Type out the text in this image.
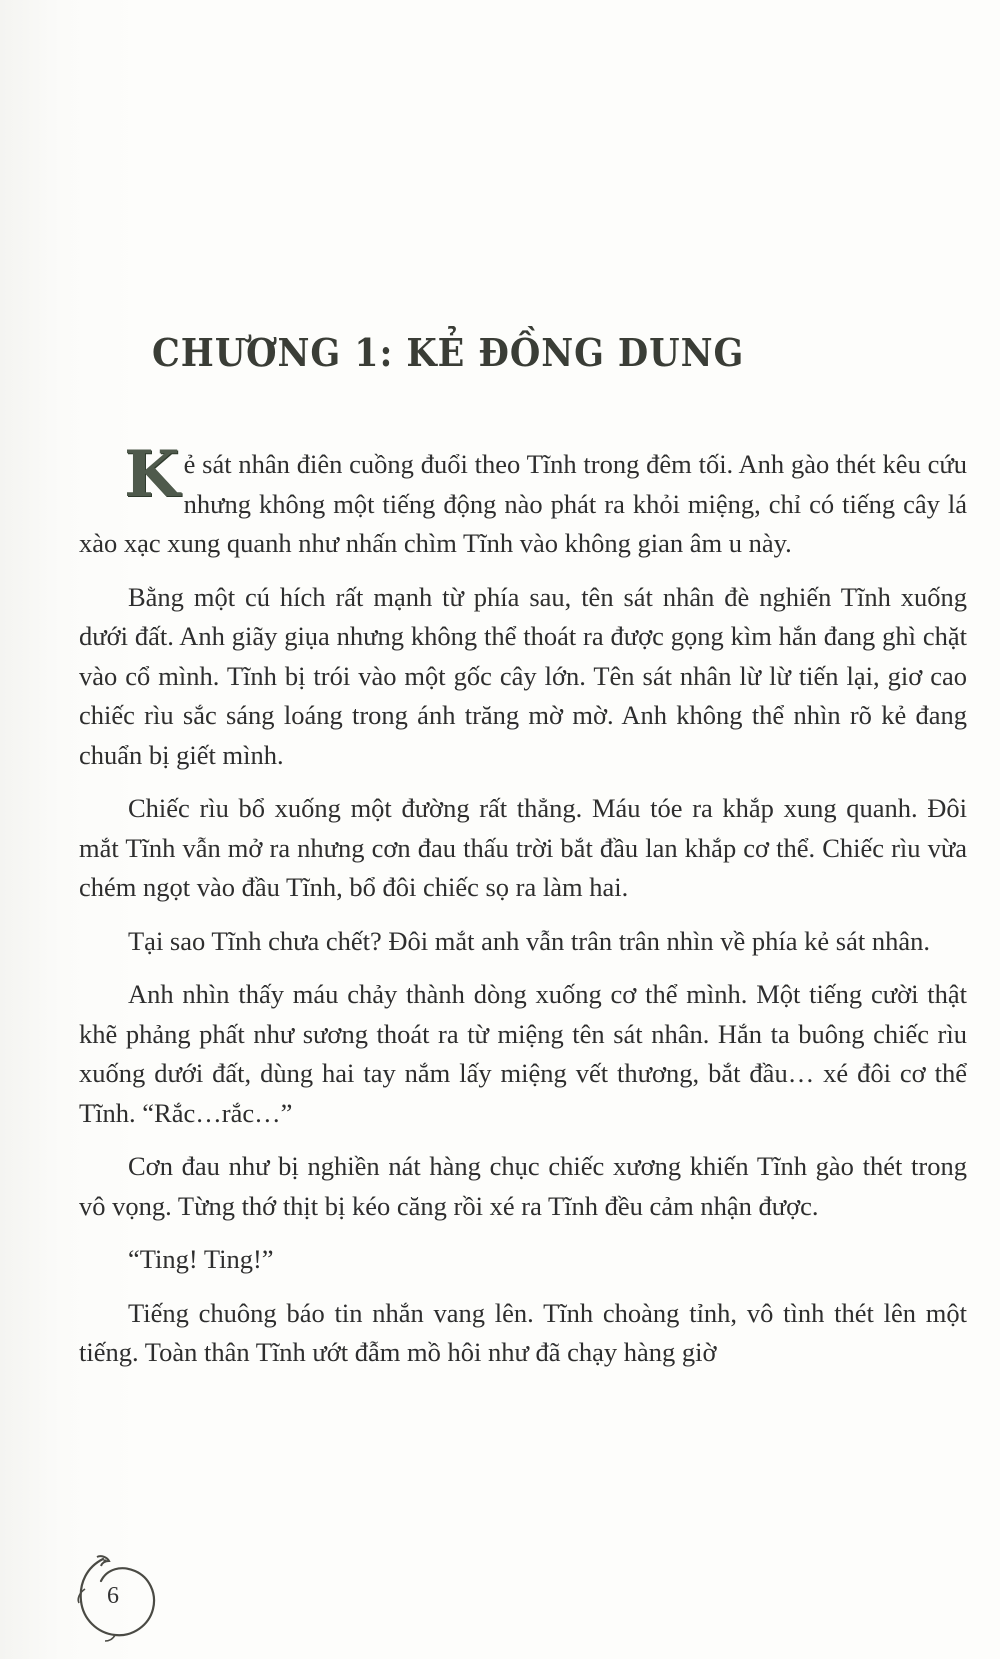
CHƯƠNG 1: KẺ ĐỒNG DUNG

Kẻ sát nhân điên cuồng đuổi theo Tĩnh trong đêm tối. Anh gào thét kêu cứu nhưng không một tiếng động nào phát ra khỏi miệng, chỉ có tiếng cây lá xào xạc xung quanh như nhấn chìm Tĩnh vào không gian âm u này.

Bằng một cú hích rất mạnh từ phía sau, tên sát nhân đè nghiến Tĩnh xuống dưới đất. Anh giãy giụa nhưng không thể thoát ra được gọng kìm hắn đang ghì chặt vào cổ mình. Tĩnh bị trói vào một gốc cây lớn. Tên sát nhân lừ lừ tiến lại, giơ cao chiếc rìu sắc sáng loáng trong ánh trăng mờ mờ. Anh không thể nhìn rõ kẻ đang chuẩn bị giết mình.

Chiếc rìu bổ xuống một đường rất thẳng. Máu tóe ra khắp xung quanh. Đôi mắt Tĩnh vẫn mở ra nhưng cơn đau thấu trời bắt đầu lan khắp cơ thể. Chiếc rìu vừa chém ngọt vào đầu Tĩnh, bổ đôi chiếc sọ ra làm hai.

Tại sao Tĩnh chưa chết? Đôi mắt anh vẫn trân trân nhìn về phía kẻ sát nhân.

Anh nhìn thấy máu chảy thành dòng xuống cơ thể mình. Một tiếng cười thật khẽ phảng phất như sương thoát ra từ miệng tên sát nhân. Hắn ta buông chiếc rìu xuống dưới đất, dùng hai tay nắm lấy miệng vết thương, bắt đầu… xé đôi cơ thể Tĩnh. “Rắc…rắc…”

Cơn đau như bị nghiền nát hàng chục chiếc xương khiến Tĩnh gào thét trong vô vọng. Từng thớ thịt bị kéo căng rồi xé ra Tĩnh đều cảm nhận được.

“Ting! Ting!”

Tiếng chuông báo tin nhắn vang lên. Tĩnh choàng tỉnh, vô tình thét lên một tiếng. Toàn thân Tĩnh ướt đẫm mồ hôi như đã chạy hàng giờ

6
